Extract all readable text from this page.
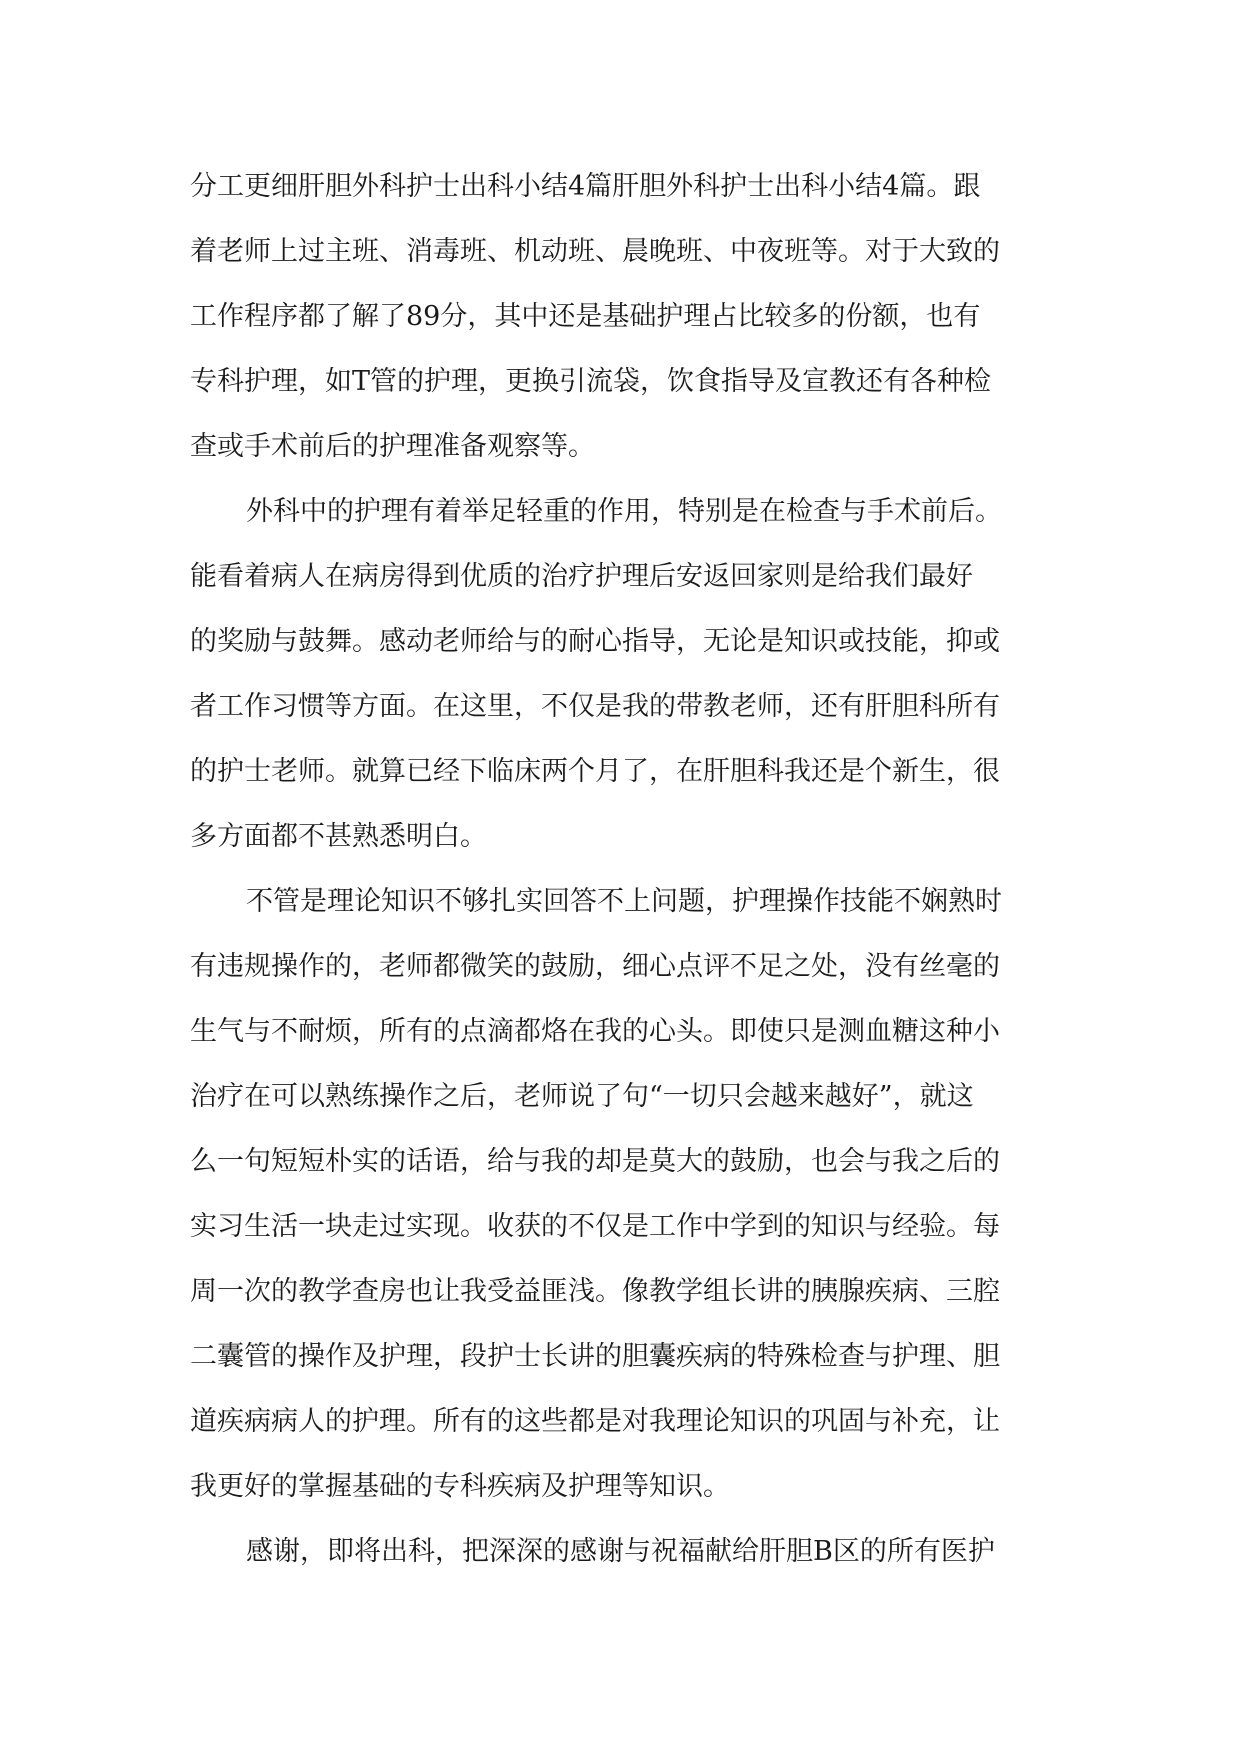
分工更细肝胆外科护士出科小结4篇肝胆外科护士出科小结4篇。跟
着老师上过主班、消毒班、机动班、晨晚班、中夜班等。对于大致的
工作程序都了解了89分，其中还是基础护理占比较多的份额，也有
专科护理，如T管的护理，更换引流袋，饮食指导及宣教还有各种检
查或手术前后的护理准备观察等。
外科中的护理有着举足轻重的作用，特别是在检查与手术前后。
能看着病人在病房得到优质的治疗护理后安返回家则是给我们最好
的奖励与鼓舞。感动老师给与的耐心指导，无论是知识或技能，抑或
者工作习惯等方面。在这里，不仅是我的带教老师，还有肝胆科所有
的护士老师。就算已经下临床两个月了，在肝胆科我还是个新生，很
多方面都不甚熟悉明白。
不管是理论知识不够扎实回答不上问题，护理操作技能不娴熟时
有违规操作的，老师都微笑的鼓励，细心点评不足之处，没有丝毫的
生气与不耐烦，所有的点滴都烙在我的心头。即使只是测血糖这种小
治疗在可以熟练操作之后，老师说了句“一切只会越来越好”，就这
么一句短短朴实的话语，给与我的却是莫大的鼓励，也会与我之后的
实习生活一块走过实现。收获的不仅是工作中学到的知识与经验。每
周一次的教学查房也让我受益匪浅。像教学组长讲的胰腺疾病、三腔
二囊管的操作及护理，段护士长讲的胆囊疾病的特殊检查与护理、胆
道疾病病人的护理。所有的这些都是对我理论知识的巩固与补充，让
我更好的掌握基础的专科疾病及护理等知识。
感谢，即将出科，把深深的感谢与祝福献给肝胆B区的所有医护
